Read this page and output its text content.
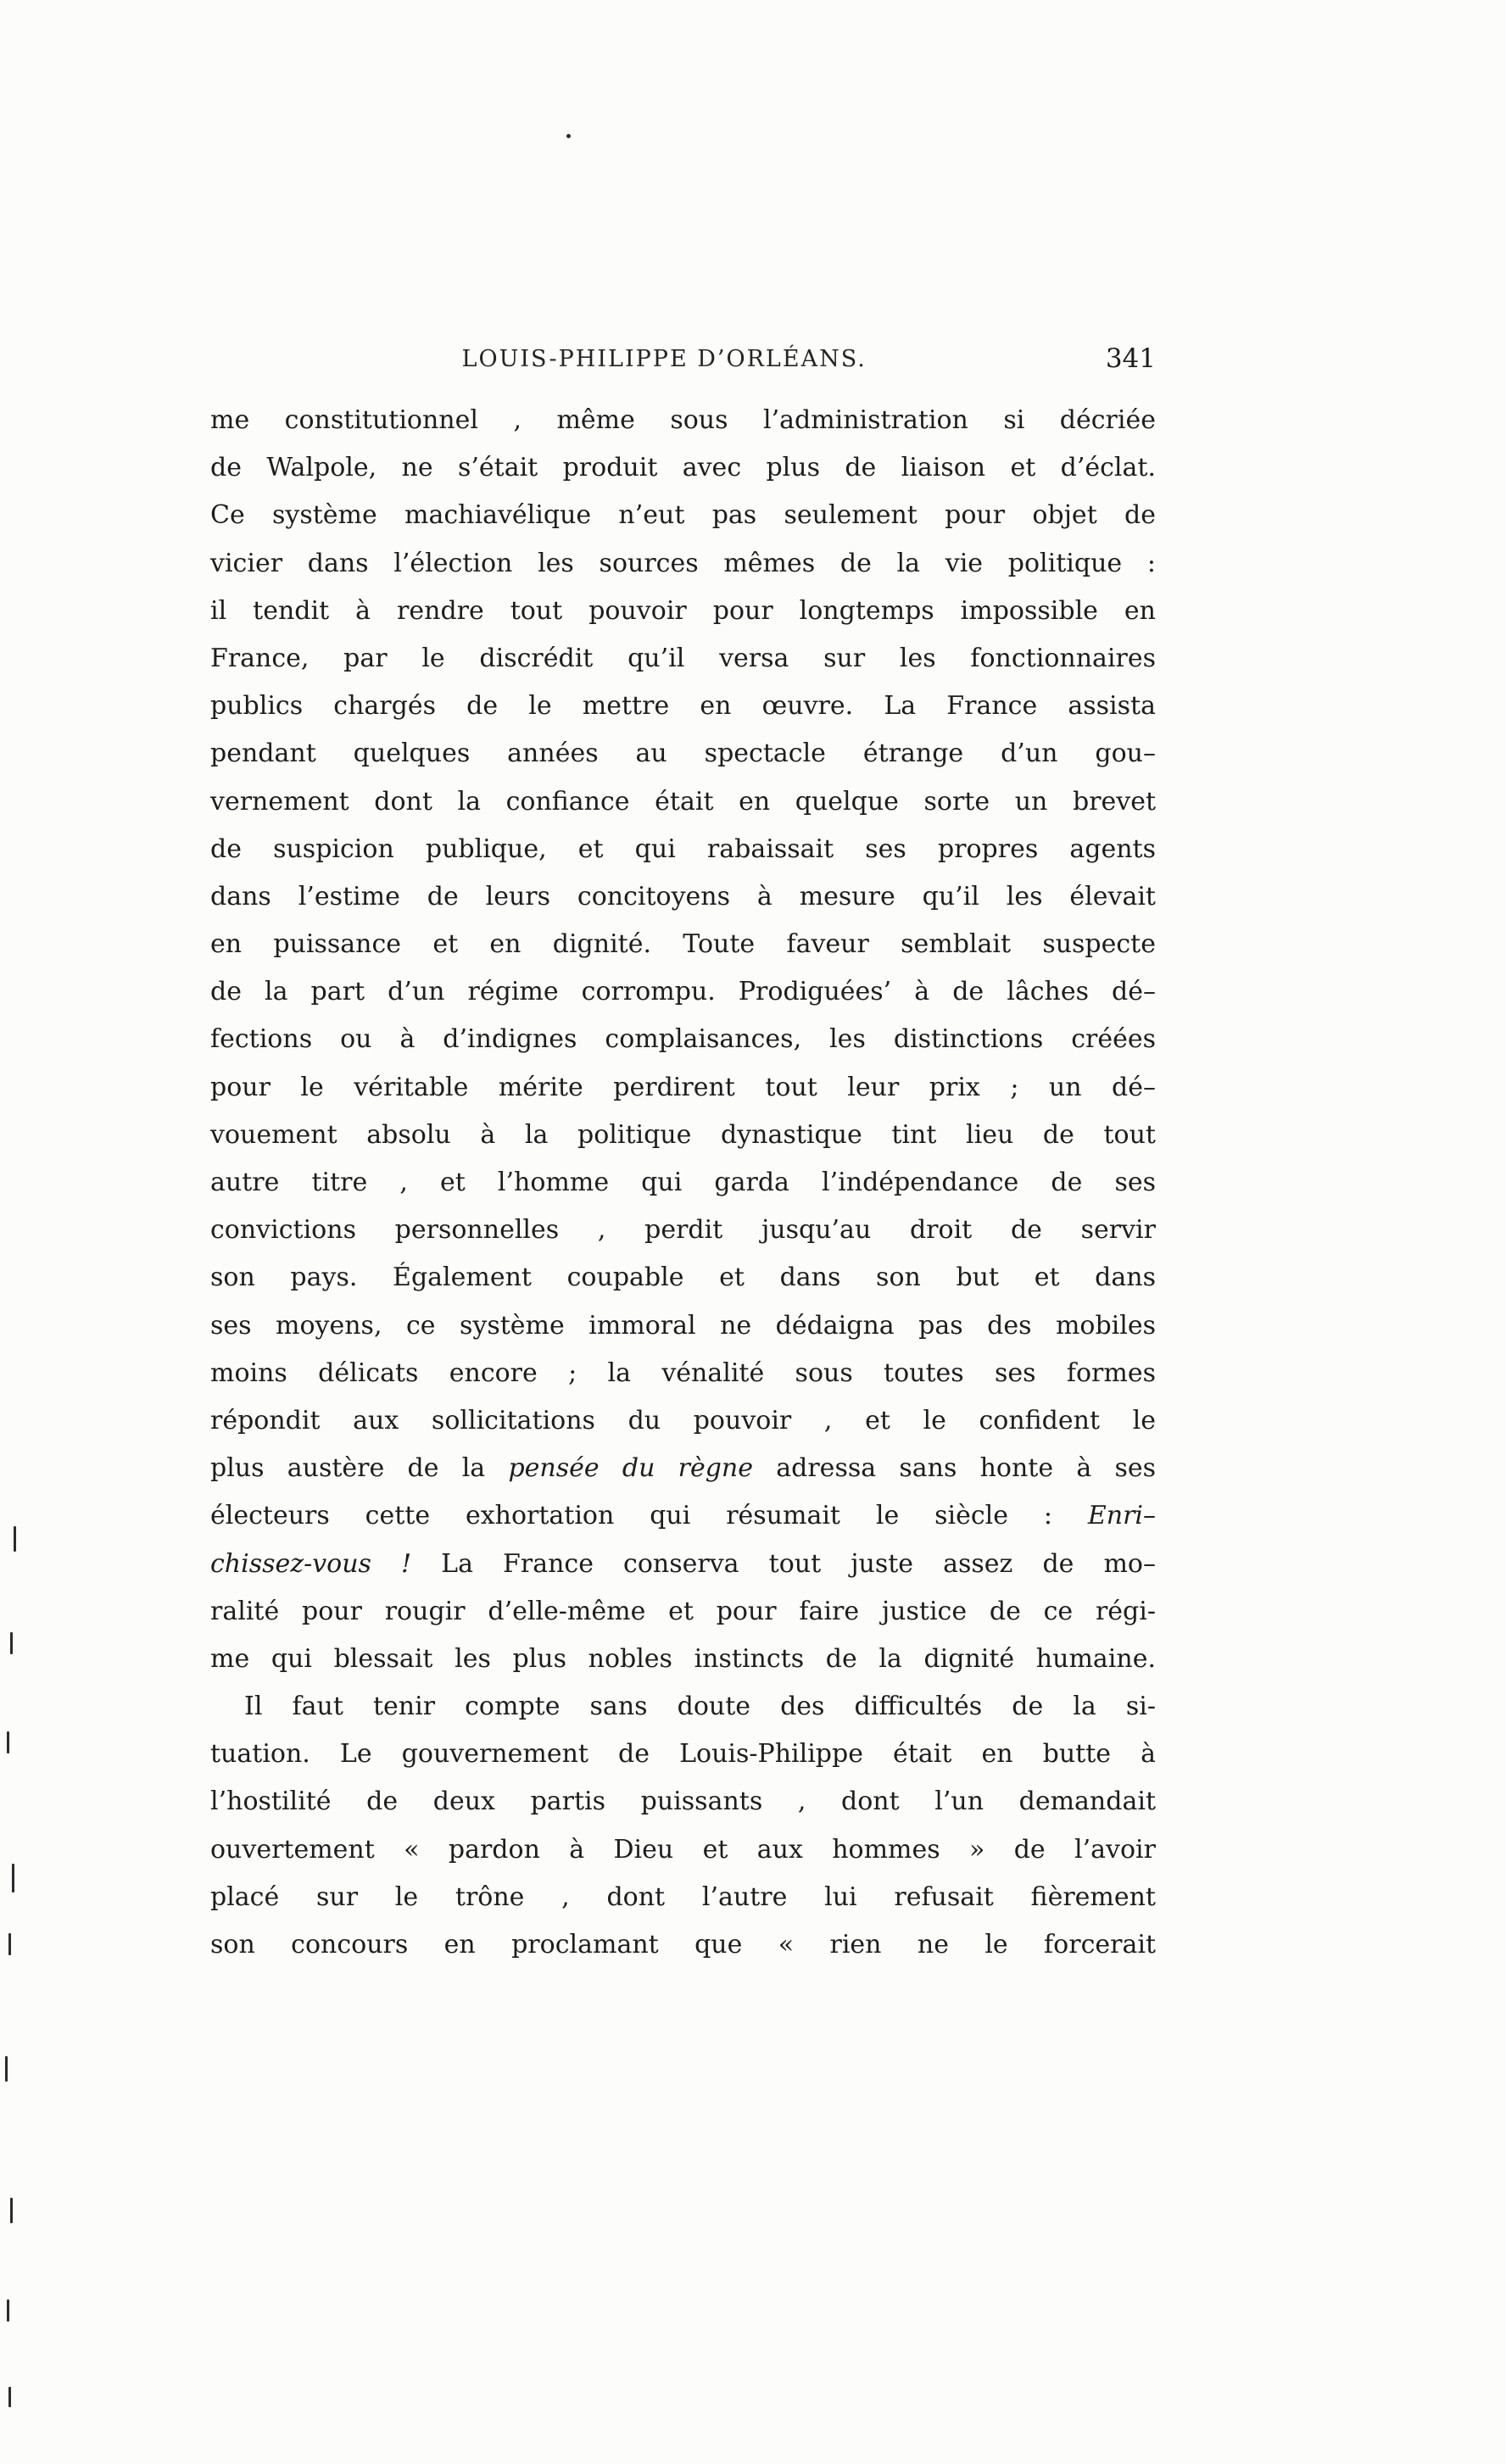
LOUIS-PHILIPPE D’ORLÉANS.	341
me constitutionnel , même sous l’administration si décriée
de Walpole, ne s’était produit avec plus de liaison et d’éclat.
Ce système machiavélique n’eut pas seulement pour objet de
vicier dans l’élection les sources mêmes de la vie politique :
il tendit à rendre tout pouvoir pour longtemps impossible en
France, par le discrédit qu’il versa sur les fonctionnaires
publics chargés de le mettre en œuvre. La France assista
pendant quelques années au spectacle étrange d’un gou–
vernement dont la confiance était en quelque sorte un brevet
de suspicion publique, et qui rabaissait ses propres agents
dans l’estime de leurs concitoyens à mesure qu’il les élevait
en puissance et en dignité. Toute faveur semblait suspecte
de la part d’un régime corrompu. Prodiguées’ à de lâches dé–
fections ou à d’indignes complaisances, les distinctions créées
pour le véritable mérite perdirent tout leur prix ; un dé–
vouement absolu à la politique dynastique tint lieu de tout
autre titre , et l’homme qui garda l’indépendance de ses
convictions personnelles , perdit jusqu’au droit de servir
son pays. Également coupable et dans son but et dans
ses moyens, ce système immoral ne dédaigna pas des mobiles
moins délicats encore ; la vénalité sous toutes ses formes
répondit aux sollicitations du pouvoir , et le confident le
plus austère de la pensée du règne adressa sans honte à ses
électeurs cette exhortation qui résumait le siècle : Enri–
chissez-vous ! La France conserva tout juste assez de mo–
ralité pour rougir d’elle-même et pour faire justice de ce régi-
me qui blessait les plus nobles instincts de la dignité humaine.
Il faut tenir compte sans doute des difficultés de la si-
tuation. Le gouvernement de Louis-Philippe était en butte à
l’hostilité de deux partis puissants , dont l’un demandait
ouvertement « pardon à Dieu et aux hommes » de l’avoir
placé sur le trône , dont l’autre lui refusait fièrement
son concours en proclamant que « rien ne le forcerait
